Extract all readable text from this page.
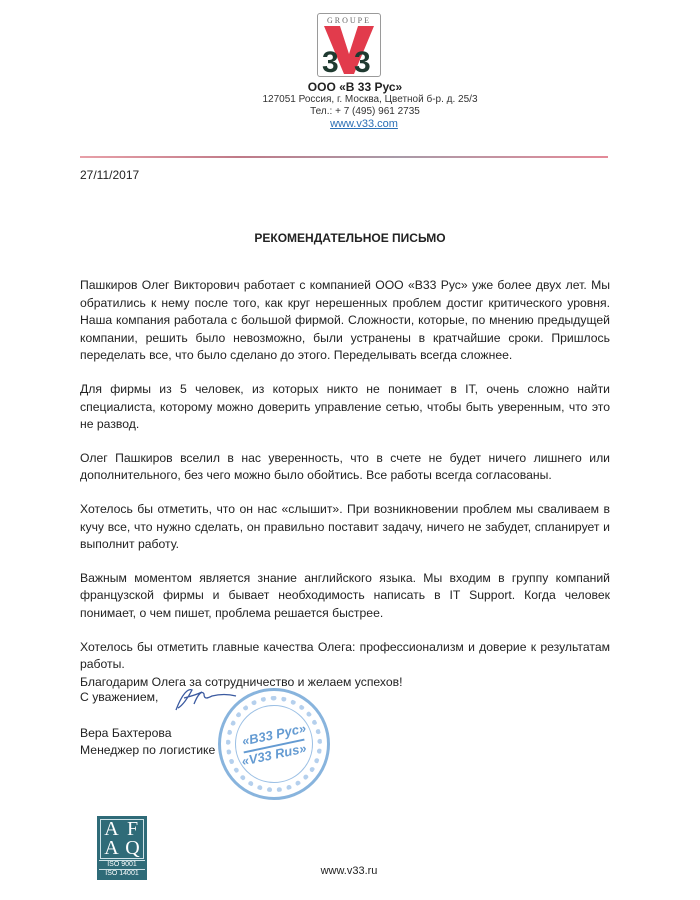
3 3
GROUPE
ООО «В 33 Рус»
127051 Россия, г. Москва, Цветной б-р. д. 25/3
Тел.: + 7 (495) 961 2735
www.v33.com
27/11/2017
РЕКОМЕНДАТЕЛЬНОЕ ПИСЬМО

Пашкиров Олег Викторович работает с компанией ООО «В33 Рус» уже более двух лет. Мы обратились к нему после того, как круг нерешенных проблем достиг критического уровня. Наша компания работала с большой фирмой. Сложности, которые, по мнению предыдущей компании, решить было невозможно, были устранены в кратчайшие сроки. Пришлось переделать все, что было сделано до этого. Переделывать всегда сложнее.

Для фирмы из 5 человек, из которых никто не понимает в IT, очень сложно найти специалиста, которому можно доверить управление сетью, чтобы быть уверенным, что это не развод.

Олег Пашкиров вселил в нас уверенность, что в счете не будет ничего лишнего или дополнительного, без чего можно было обойтись. Все работы всегда согласованы.

Хотелось бы отметить, что он нас «слышит». При возникновении проблем мы сваливаем в кучу все, что нужно сделать, он правильно поставит задачу, ничего не забудет, спланирует и выполнит работу.

Важным моментом является знание английского языка. Мы входим в группу компаний французской фирмы и бывает необходимость написать в IT Support. Когда человек понимает, о чем пишет, проблема решается быстрее.

Хотелось бы отметить главные качества Олега: профессионализм и доверие к результатам работы.

Благодарим Олега за сотрудничество и желаем успехов!

С уважением,
Вера Бахтерова
Менеджер по логистике
«В33 Рус»
«V33 Rus»
A F
A Q
ISO 9001
ISO 14001	www.v33.ru
